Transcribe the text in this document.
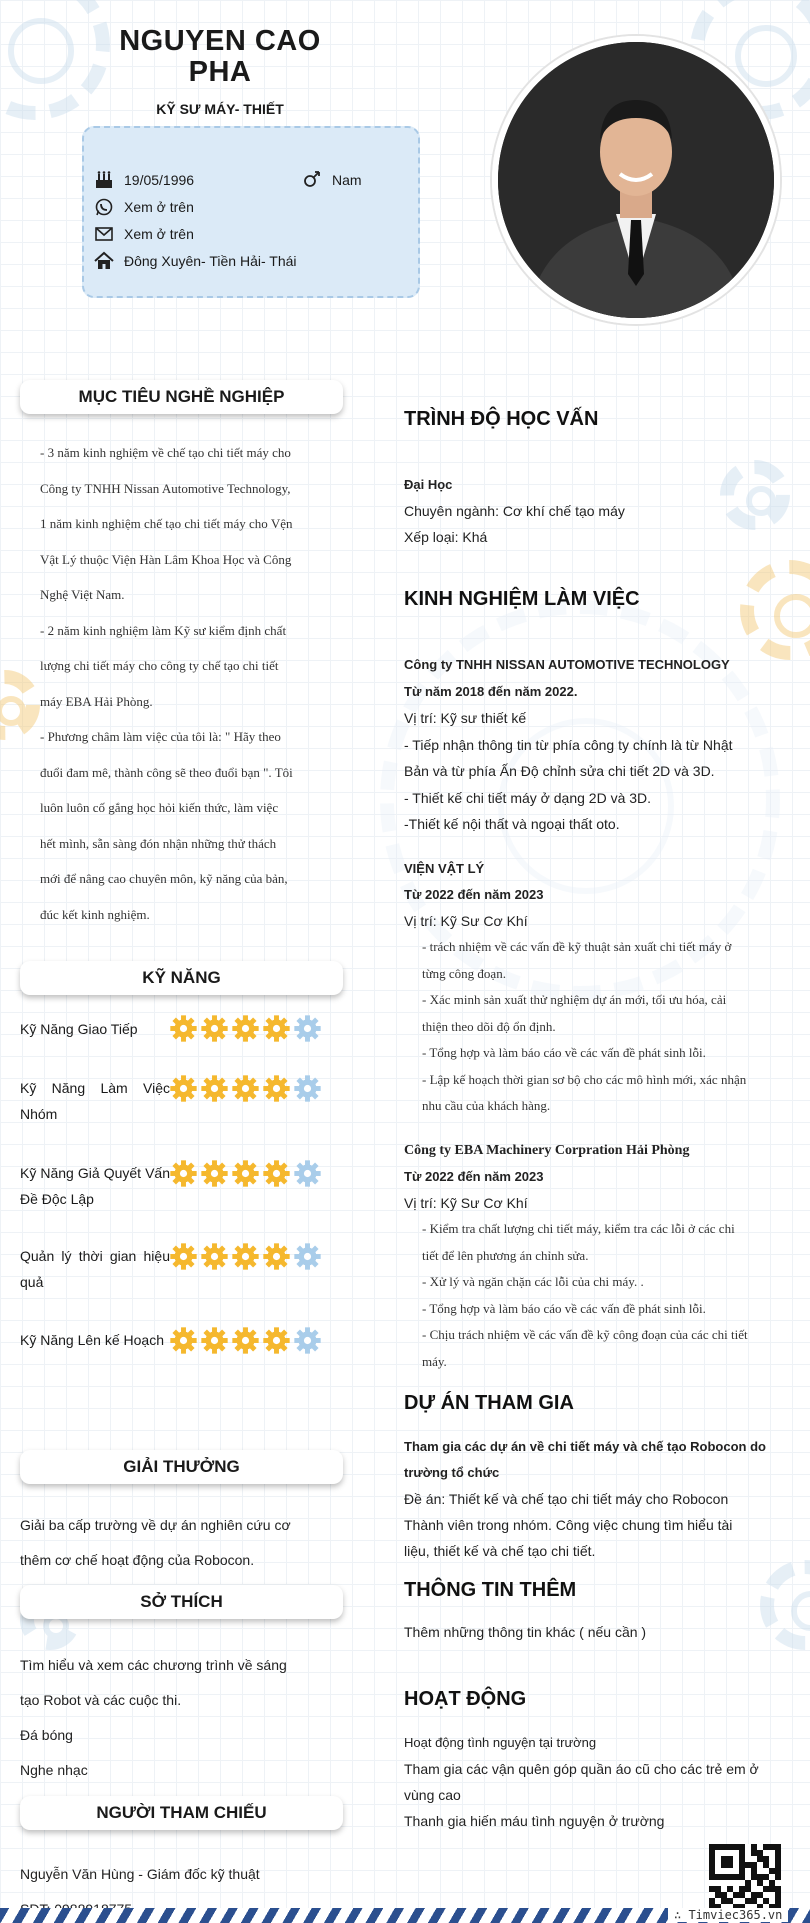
NGUYEN CAO
PHA
KỸ SƯ MÁY- THIẾT
19/05/1996	Nam
Xem ở trên
Xem ở trên
Đông Xuyên- Tiền Hải- Thái
MỤC TIÊU NGHỀ NGHIỆP
- 3 năm kinh nghiệm về chế tạo chi tiết máy cho
Công ty TNHH Nissan Automotive Technology,
1 năm kinh nghiệm chế tạo chi tiết máy cho Vện
Vật Lý thuộc Viện Hàn Lâm Khoa Học và Công
Nghệ Việt Nam.
- 2 năm kinh nghiệm làm Kỹ sư kiểm định chất
lượng chi tiết máy cho công ty chế tạo chi tiết
máy EBA Hải Phòng.
- Phương châm làm việc của tôi là: " Hãy theo
đuổi đam mê, thành công sẽ theo đuổi bạn ". Tôi
luôn luôn cố gắng học hỏi kiến thức, làm việc
hết mình, sẵn sàng đón nhận những thử thách
mới để nâng cao chuyên môn, kỹ năng của bản,
đúc kết kinh nghiệm.
KỸ NĂNG
Kỹ Năng Giao Tiếp
Kỹ Năng Làm Việc Nhóm
Kỹ Năng Giả Quyết Vấn Đề Độc Lập
Quản lý thời gian hiệu quả
Kỹ Năng Lên kế Hoạch
GIẢI THƯỞNG
Giải ba cấp trường về dự án nghiên cứu cơ
thêm cơ chế hoạt động của Robocon.
SỞ THÍCH
Tìm hiểu và xem các chương trình về sáng
tạo Robot và các cuộc thi.
Đá bóng
Nghe nhạc
NGƯỜI THAM CHIẾU
Nguyễn Văn Hùng - Giám đốc kỹ thuật
TRÌNH ĐỘ HỌC VẤN
Đại Học
Chuyên ngành: Cơ khí chế tạo máy
Xếp loại: Khá
KINH NGHIỆM LÀM VIỆC
Công ty TNHH NISSAN AUTOMOTIVE TECHNOLOGY
Từ năm 2018 đến năm 2022.
Vị trí: Kỹ sư thiết kế
- Tiếp nhận thông tin từ phía công ty chính là từ Nhật
Bản và từ phía Ấn Độ chỉnh sửa chi tiết 2D và 3D.
- Thiết kế chi tiết máy ở dạng 2D và 3D.
-Thiết kế nội thất và ngoại thất oto.
VIỆN VẬT LÝ
Từ 2022 đến năm 2023
Vị trí: Kỹ Sư Cơ Khí
- trách nhiệm về các vấn đề kỹ thuật sản xuất chi tiết máy ở
từng công đoạn.
- Xác minh sản xuất thử nghiệm dự án mới, tối ưu hóa, cải
thiện theo dõi độ ổn định.
- Tổng hợp và làm báo cáo về các vấn đề phát sinh lỗi.
- Lập kế hoạch thời gian sơ bộ cho các mô hình mới, xác nhận
nhu cầu của khách hàng.
Công ty EBA Machinery Corpration Hải Phòng
Từ 2022 đến năm 2023
Vị trí: Kỹ Sư Cơ Khí
- Kiểm tra chất lượng chi tiết máy, kiểm tra các lỗi ở các chi
tiết để lên phương án chỉnh sửa.
- Xử lý và ngăn chặn các lỗi của chi máy. .
- Tổng hợp và làm báo cáo về các vấn đề phát sinh lỗi.
- Chịu trách nhiệm về các vấn đề kỹ công đoạn của các chi tiết
máy.
DỰ ÁN THAM GIA
Tham gia các dự án về chi tiết máy và chế tạo Robocon do
trường tổ chức
Đề án: Thiết kế và chế tạo chi tiết máy cho Robocon
Thành viên trong nhóm. Công việc chung tìm hiểu tài
liệu, thiết kế và chế tạo chi tiết.
THÔNG TIN THÊM
Thêm những thông tin khác ( nếu cần )
HOẠT ĐỘNG
Hoạt động tình nguyện tại trường
Tham gia các vận quên góp quần áo cũ cho các trẻ em ở
vùng cao
Thanh gia hiến máu tình nguyện ở trường
∴ Timviec365.vn
